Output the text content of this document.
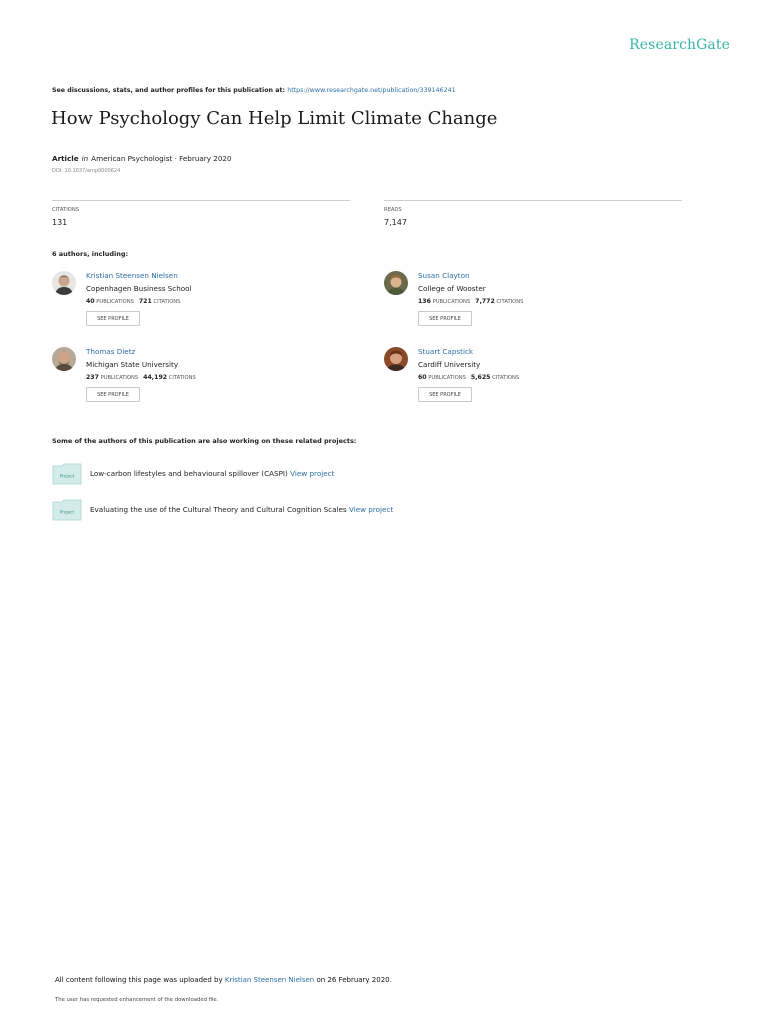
ResearchGate
See discussions, stats, and author profiles for this publication at: https://www.researchgate.net/publication/339146241
How Psychology Can Help Limit Climate Change
Article in American Psychologist · February 2020
DOI: 10.1037/amp0000624
CITATIONS
131
READS
7,147
6 authors, including:
Kristian Steensen Nielsen
Copenhagen Business School
40 PUBLICATIONS 721 CITATIONS
SEE PROFILE
Susan Clayton
College of Wooster
136 PUBLICATIONS 7,772 CITATIONS
SEE PROFILE
Thomas Dietz
Michigan State University
237 PUBLICATIONS 44,192 CITATIONS
SEE PROFILE
Stuart Capstick
Cardiff University
60 PUBLICATIONS 5,625 CITATIONS
SEE PROFILE
Some of the authors of this publication are also working on these related projects:
Project Low-carbon lifestyles and behavioural spillover (CASPI) View project
Project Evaluating the use of the Cultural Theory and Cultural Cognition Scales View project
All content following this page was uploaded by Kristian Steensen Nielsen on 26 February 2020.
The user has requested enhancement of the downloaded file.
